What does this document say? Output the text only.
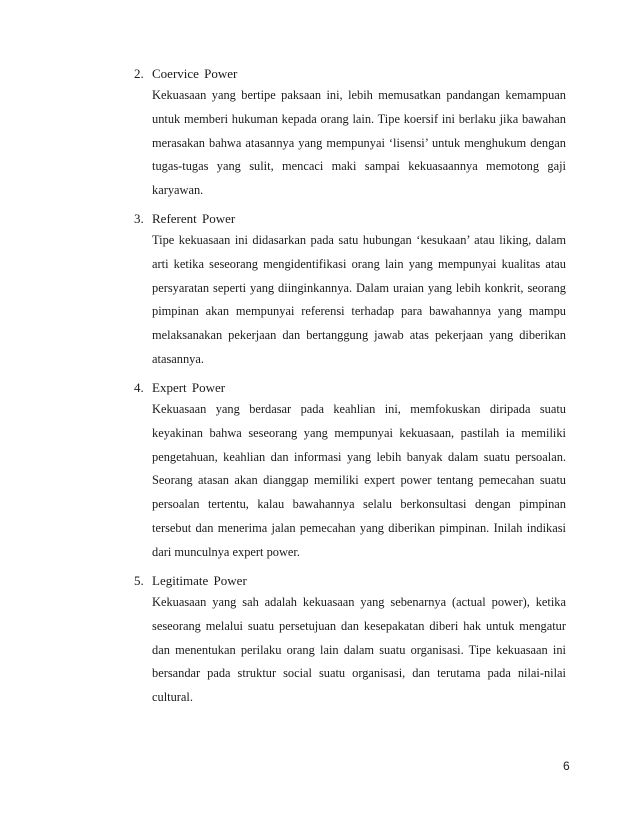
2. Coervice Power

Kekuasaan yang bertipe paksaan ini, lebih memusatkan pandangan kemampuan untuk memberi hukuman kepada orang lain. Tipe koersif ini berlaku jika bawahan merasakan bahwa atasannya yang mempunyai ‘lisensi’ untuk menghukum dengan tugas-tugas yang sulit, mencaci maki sampai kekuasaannya memotong gaji karyawan.

3. Referent Power

Tipe kekuasaan ini didasarkan pada satu hubungan ‘kesukaan’ atau liking, dalam arti ketika seseorang mengidentifikasi orang lain yang mempunyai kualitas atau persyaratan seperti yang diinginkannya. Dalam uraian yang lebih konkrit, seorang pimpinan akan mempunyai referensi terhadap para bawahannya yang mampu melaksanakan pekerjaan dan bertanggung jawab atas pekerjaan yang diberikan atasannya.

4. Expert Power

Kekuasaan yang berdasar pada keahlian ini, memfokuskan diripada suatu keyakinan bahwa seseorang yang mempunyai kekuasaan, pastilah ia memiliki pengetahuan, keahlian dan informasi yang lebih banyak dalam suatu persoalan. Seorang atasan akan dianggap memiliki expert power tentang pemecahan suatu persoalan tertentu, kalau bawahannya selalu berkonsultasi dengan pimpinan tersebut dan menerima jalan pemecahan yang diberikan pimpinan. Inilah indikasi dari munculnya expert power.

5. Legitimate Power

Kekuasaan yang sah adalah kekuasaan yang sebenarnya (actual power), ketika seseorang melalui suatu persetujuan dan kesepakatan diberi hak untuk mengatur dan menentukan perilaku orang lain dalam suatu organisasi. Tipe kekuasaan ini bersandar pada struktur social suatu organisasi, dan terutama pada nilai-nilai cultural.

6
